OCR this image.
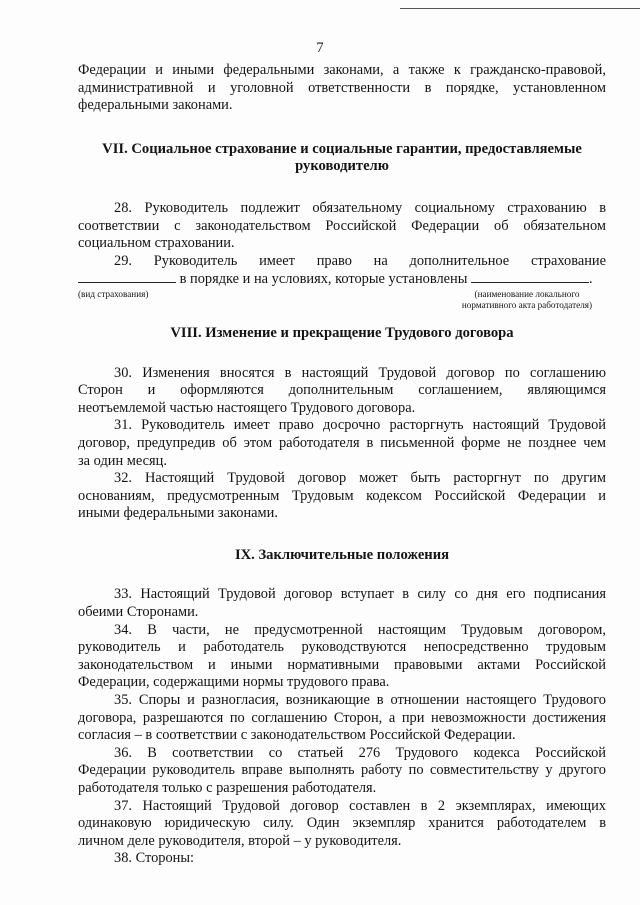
7

Федерации и иными федеральными законами, а также к гражданско-правовой,

административной и уголовной ответственности в порядке, установленном

федеральными законами.

VII. Социальное страхование и социальные гарантии, предоставляемые
руководителю

28. Руководитель подлежит обязательному социальному страхованию в

соответствии с законодательством Российской Федерации об обязательном

социальном страховании.

29. Руководитель имеет право на дополнительное страхование

в порядке и на условиях, которые установлены	.

(вид страхования)	(наименование локального
нормативного акта работодателя)
VIII. Изменение и прекращение Трудового договора

30. Изменения вносятся в настоящий Трудовой договор по соглашению

Сторон и оформляются дополнительным соглашением, являющимся

неотъемлемой частью настоящего Трудового договора.

31. Руководитель имеет право досрочно расторгнуть настоящий Трудовой

договор, предупредив об этом работодателя в письменной форме не позднее чем

за один месяц.

32. Настоящий Трудовой договор может быть расторгнут по другим

основаниям, предусмотренным Трудовым кодексом Российской Федерации и

иными федеральными законами.

IX. Заключительные положения

33. Настоящий Трудовой договор вступает в силу со дня его подписания

обеими Сторонами.

34. В части, не предусмотренной настоящим Трудовым договором,

руководитель и работодатель руководствуются непосредственно трудовым

законодательством и иными нормативными правовыми актами Российской

Федерации, содержащими нормы трудового права.

35. Споры и разногласия, возникающие в отношении настоящего Трудового

договора, разрешаются по соглашению Сторон, а при невозможности достижения

согласия – в соответствии с законодательством Российской Федерации.

36. В соответствии со статьей 276 Трудового кодекса Российской

Федерации руководитель вправе выполнять работу по совместительству у другого

работодателя только с разрешения работодателя.

37. Настоящий Трудовой договор составлен в 2 экземплярах, имеющих

одинаковую юридическую силу. Один экземпляр хранится работодателем в

личном деле руководителя, второй – у руководителя.

38. Стороны:
